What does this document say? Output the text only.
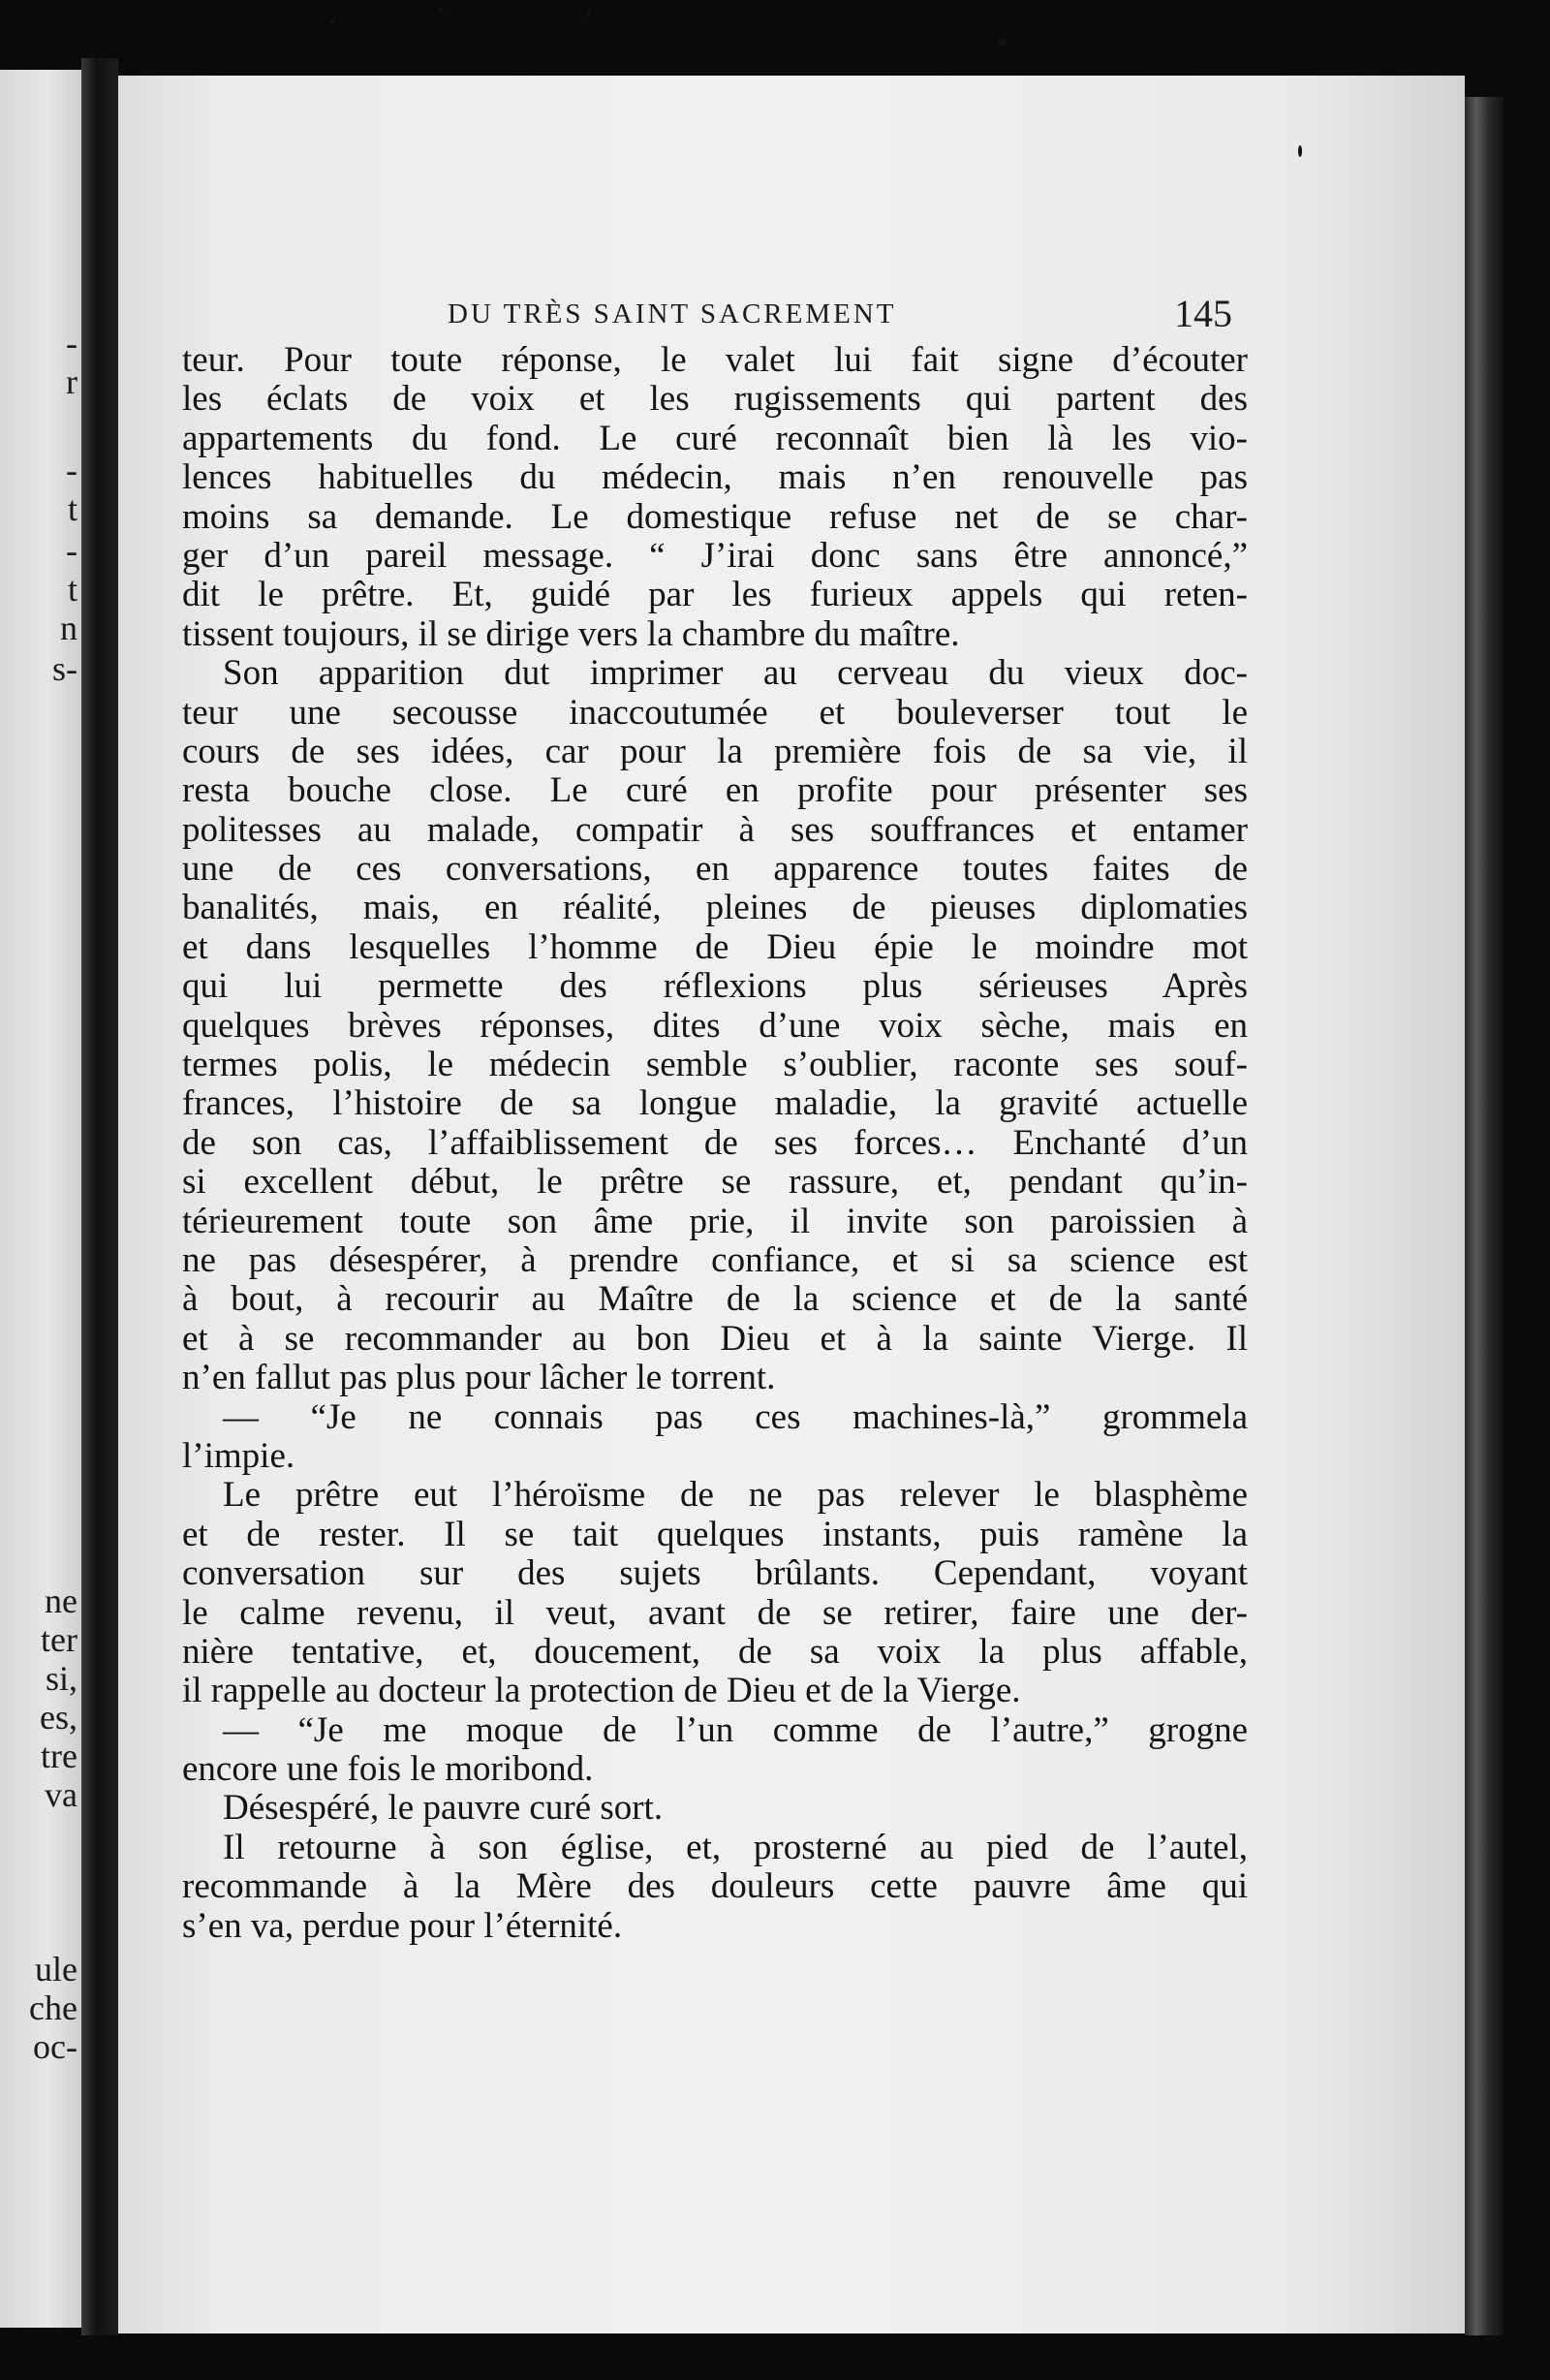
-
r
-
t
-
t
n
s-
ne
ter
si,
es,
tre
va
ule
che
oc-
DU TRÈS SAINT SACREMENT	145
teur. Pour toute réponse, le valet lui fait signe d’écouter
les éclats de voix et les rugissements qui partent des
appartements du fond. Le curé reconnaît bien là les vio-
lences habituelles du médecin, mais n’en renouvelle pas
moins sa demande. Le domestique refuse net de se char-
ger d’un pareil message. “ J’irai donc sans être annoncé,”
dit le prêtre. Et, guidé par les furieux appels qui reten-
tissent toujours, il se dirige vers la chambre du maître.
Son apparition dut imprimer au cerveau du vieux doc-
teur une secousse inaccoutumée et bouleverser tout le
cours de ses idées, car pour la première fois de sa vie, il
resta bouche close. Le curé en profite pour présenter ses
politesses au malade, compatir à ses souffrances et entamer
une de ces conversations, en apparence toutes faites de
banalités, mais, en réalité, pleines de pieuses diplomaties
et dans lesquelles l’homme de Dieu épie le moindre mot
qui lui permette des réflexions plus sérieuses Après
quelques brèves réponses, dites d’une voix sèche, mais en
termes polis, le médecin semble s’oublier, raconte ses souf-
frances, l’histoire de sa longue maladie, la gravité actuelle
de son cas, l’affaiblissement de ses forces… Enchanté d’un
si excellent début, le prêtre se rassure, et, pendant qu’in-
térieurement toute son âme prie, il invite son paroissien à
ne pas désespérer, à prendre confiance, et si sa science est
à bout, à recourir au Maître de la science et de la santé
et à se recommander au bon Dieu et à la sainte Vierge. Il
n’en fallut pas plus pour lâcher le torrent.
— “Je ne connais pas ces machines-là,” grommela
l’impie.
Le prêtre eut l’héroïsme de ne pas relever le blasphème
et de rester. Il se tait quelques instants, puis ramène la
conversation sur des sujets brûlants. Cependant, voyant
le calme revenu, il veut, avant de se retirer, faire une der-
nière tentative, et, doucement, de sa voix la plus affable,
il rappelle au docteur la protection de Dieu et de la Vierge.
— “Je me moque de l’un comme de l’autre,” grogne
encore une fois le moribond.
Désespéré, le pauvre curé sort.
Il retourne à son église, et, prosterné au pied de l’autel,
recommande à la Mère des douleurs cette pauvre âme qui
s’en va, perdue pour l’éternité.
